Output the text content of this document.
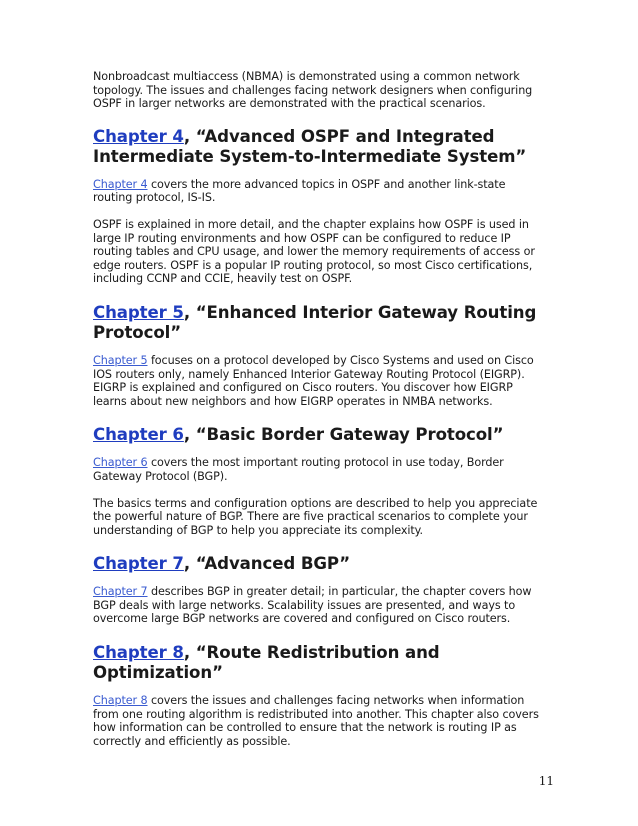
Nonbroadcast multiaccess (NBMA) is demonstrated using a common network topology. The issues and challenges facing network designers when configuring OSPF in larger networks are demonstrated with the practical scenarios.

Chapter 4, “Advanced OSPF and Integrated Intermediate System-to-Intermediate System”

Chapter 4 covers the more advanced topics in OSPF and another link-state routing protocol, IS-IS.

OSPF is explained in more detail, and the chapter explains how OSPF is used in large IP routing environments and how OSPF can be configured to reduce IP routing tables and CPU usage, and lower the memory requirements of access or edge routers. OSPF is a popular IP routing protocol, so most Cisco certifications, including CCNP and CCIE, heavily test on OSPF.

Chapter 5, “Enhanced Interior Gateway Routing Protocol”

Chapter 5 focuses on a protocol developed by Cisco Systems and used on Cisco IOS routers only, namely Enhanced Interior Gateway Routing Protocol (EIGRP). EIGRP is explained and configured on Cisco routers. You discover how EIGRP learns about new neighbors and how EIGRP operates in NMBA networks.

Chapter 6, “Basic Border Gateway Protocol”

Chapter 6 covers the most important routing protocol in use today, Border Gateway Protocol (BGP).

The basics terms and configuration options are described to help you appreciate the powerful nature of BGP. There are five practical scenarios to complete your understanding of BGP to help you appreciate its complexity.

Chapter 7, “Advanced BGP”

Chapter 7 describes BGP in greater detail; in particular, the chapter covers how BGP deals with large networks. Scalability issues are presented, and ways to overcome large BGP networks are covered and configured on Cisco routers.

Chapter 8, “Route Redistribution and Optimization”

Chapter 8 covers the issues and challenges facing networks when information from one routing algorithm is redistributed into another. This chapter also covers how information can be controlled to ensure that the network is routing IP as correctly and efficiently as possible.

11
